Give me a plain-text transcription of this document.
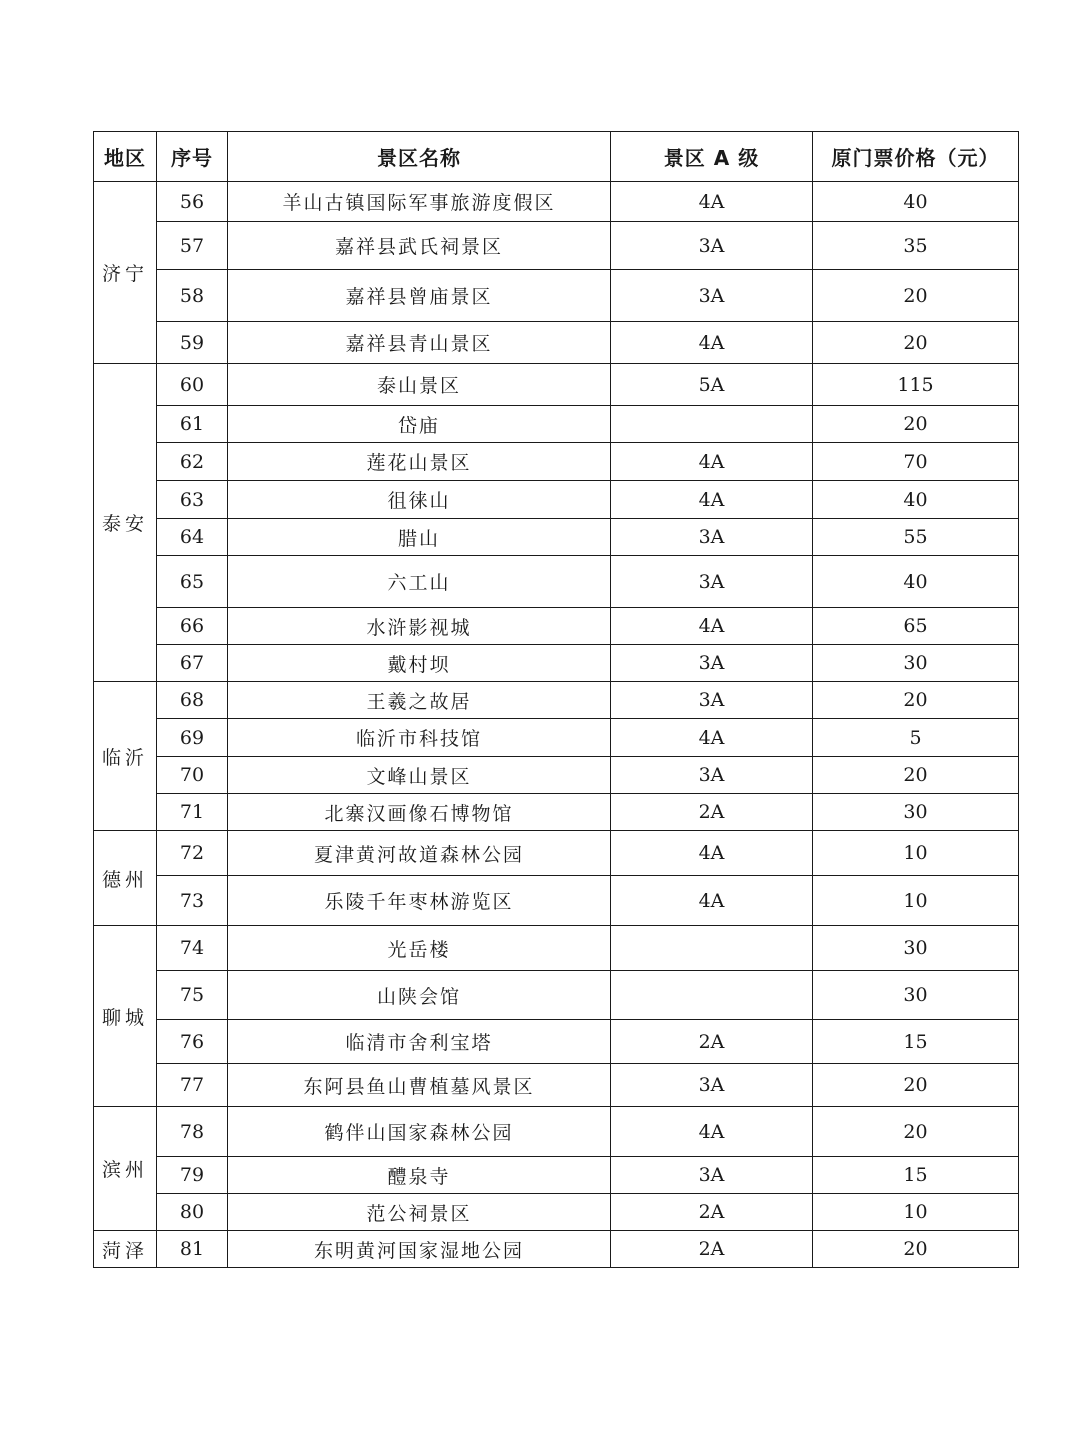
地区	序号	景区名称	景区 A 级	原门票价格（元）
济宁	56	羊山古镇国际军事旅游度假区	4A	40
	57	嘉祥县武氏祠景区	3A	35
	58	嘉祥县曾庙景区	3A	20
	59	嘉祥县青山景区	4A	20
泰安	60	泰山景区	5A	115
	61	岱庙		20
	62	莲花山景区	4A	70
	63	徂徕山	4A	40
	64	腊山	3A	55
	65	六工山	3A	40
	66	水浒影视城	4A	65
	67	戴村坝	3A	30
临沂	68	王羲之故居	3A	20
	69	临沂市科技馆	4A	5
	70	文峰山景区	3A	20
	71	北寨汉画像石博物馆	2A	30
德州	72	夏津黄河故道森林公园	4A	10
	73	乐陵千年枣林游览区	4A	10
聊城	74	光岳楼		30
	75	山陕会馆		30
	76	临清市舍利宝塔	2A	15
	77	东阿县鱼山曹植墓风景区	3A	20
滨州	78	鹤伴山国家森林公园	4A	20
	79	醴泉寺	3A	15
	80	范公祠景区	2A	10
菏泽	81	东明黄河国家湿地公园	2A	20
